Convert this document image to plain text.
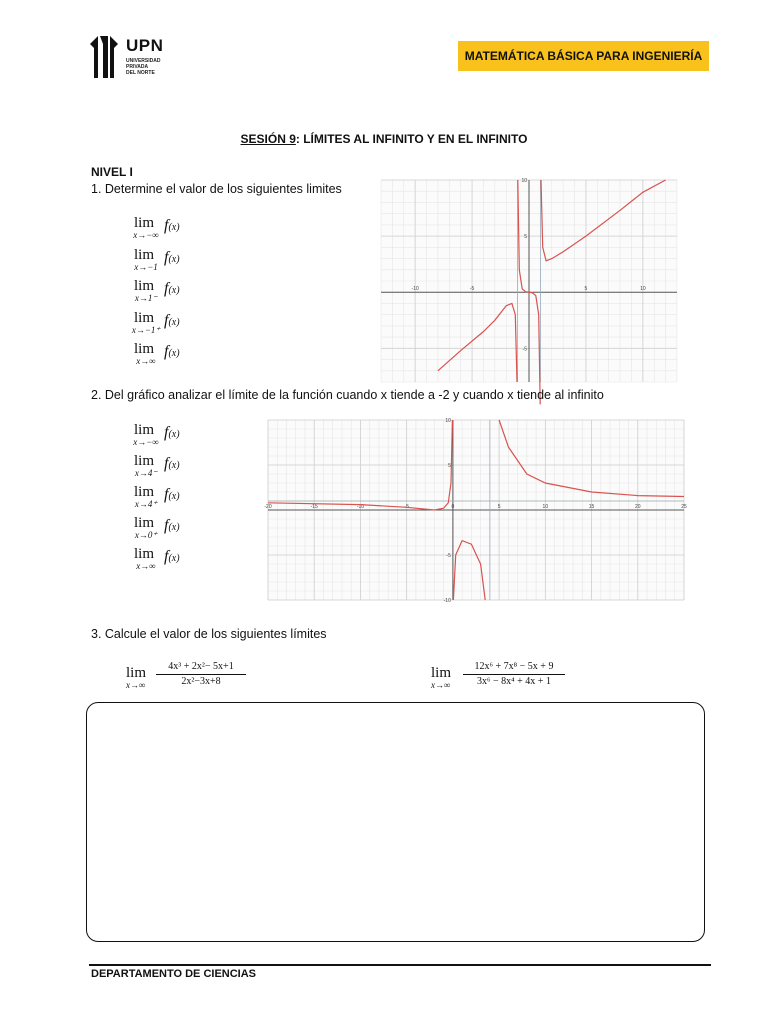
UPN
UNIVERSIDAD
PRIVADA
DEL NORTE
MATEMÁTICA BÁSICA PARA INGENIERÍA
SESIÓN 9: LÍMITES AL INFINITO Y EN EL INFINITO
NIVEL I
1. Determine el valor de los siguientes limites
lim
x→−∞
f(x)
lim
x→−1
f(x)
lim
x→1⁻
f(x)
lim
x→−1⁺
f(x)
lim
x→∞
f(x)
-10	-5	5	10
10
5
-5
2. Del gráfico analizar el límite de la función cuando x tiende a -2 y cuando x tiende al infinito
lim
x→−∞
f(x)
lim
x→4⁻
f(x)
lim
x→4⁺
f(x)
lim
x→0⁺
f(x)
lim
x→∞
f(x)
-20	-15	-10	-5	0	5	10	15	20	25
10
5
-5
-10
3. Calcule el valor de los siguientes límites
lim
x→∞
4x³ + 2x²− 5x+1
2x²−3x+8
lim
x→∞
12x⁶ + 7x⁸ − 5x + 9
3x⁶ − 8x⁴ + 4x + 1
DEPARTAMENTO DE CIENCIAS
